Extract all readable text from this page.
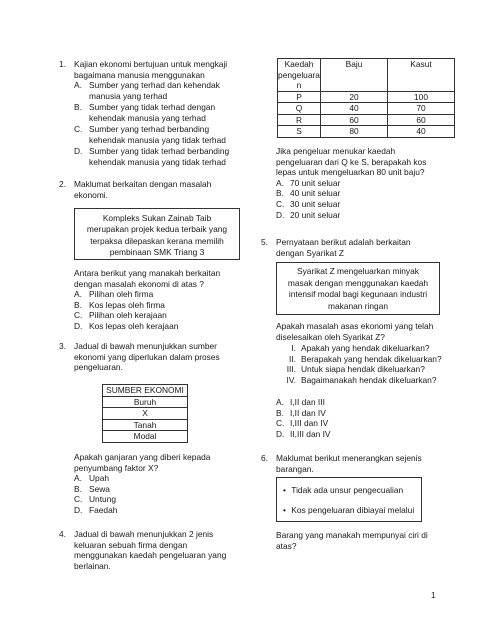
1. Kajian ekonomi bertujuan untuk mengkaji
bagaimana manusia menggunakan
A. Sumber yang terhad dan kehendak
manusia yang terhad
B. Sumber yang tidak terhad dengan
kehendak manusia yang terhad
C. Sumber yang terhad berbanding
kehendak manusia yang tidak terhad
D. Sumber yang tidak terhad berbanding
kehendak manusia yang tidak terhad
2. Maklumat berkaitan dengan masalah
ekonomi.
Kompleks Sukan Zainab Taib
merupakan projek kedua terbaik yang
terpaksa dilepaskan kerana memilih
pembinaan SMK Triang 3
Antara berikut yang manakah berkaitan
dengan masalah ekonomi di atas ?
A. Pilihan oleh firma
B. Kos lepas oleh firma
C. Pilihan oleh kerajaan
D. Kos lepas oleh kerajaan
3. Jadual di bawah menunjukkan sumber
ekonomi yang diperlukan dalam proses
pengeluaran.
SUMBER EKONOMI
Buruh
X
Tanah
Modal
Apakah ganjaran yang diberi kepada
penyumbang faktor X?
A. Upah
B. Sewa
C. Untung
D. Faedah
4. Jadual di bawah menunjukkan 2 jenis
keluaran sebuah firma dengan
menggunakan kaedah pengeluaran yang
berlainan.
Kaedah
pengeluara
n	Baju	Kasut
P	20	100
Q	40	70
R	60	60
S	80	40
Jika pengeluar menukar kaedah
pengeluaran dari Q ke S, berapakah kos
lepas untuk mengeluarkan 80 unit baju?
A. 70 unit seluar
B. 40 unit seluar
C. 30 unit seluar
D. 20 unit seluar
5. Pernyataan berikut adalah berkaitan
dengan Syarikat Z
Syarikat Z mengeluarkan minyak
masak dengan menggunakan kaedah
intensif modal bagi kegunaan industri
makanan ringan
Apakah masalah asas ekonomi yang telah
diselesaikan oleh Syarikat Z?
I. Apakah yang hendak dikeluarkan?
II. Berapakah yang hendak dikeluarkan?
III. Untuk siapa hendak dikeluarkan?
IV. Bagaimanakah hendak dikeluarkan?
A. I,II dan III
B. I,II dan IV
C. I,III dan IV
D. II,III dan IV
6. Maklumat berikut menerangkan sejenis
barangan.
• Tidak ada unsur pengecualian
• Kos pengeluaran dibiayai melalui
Barang yang manakah mempunyai ciri di
atas?
1
